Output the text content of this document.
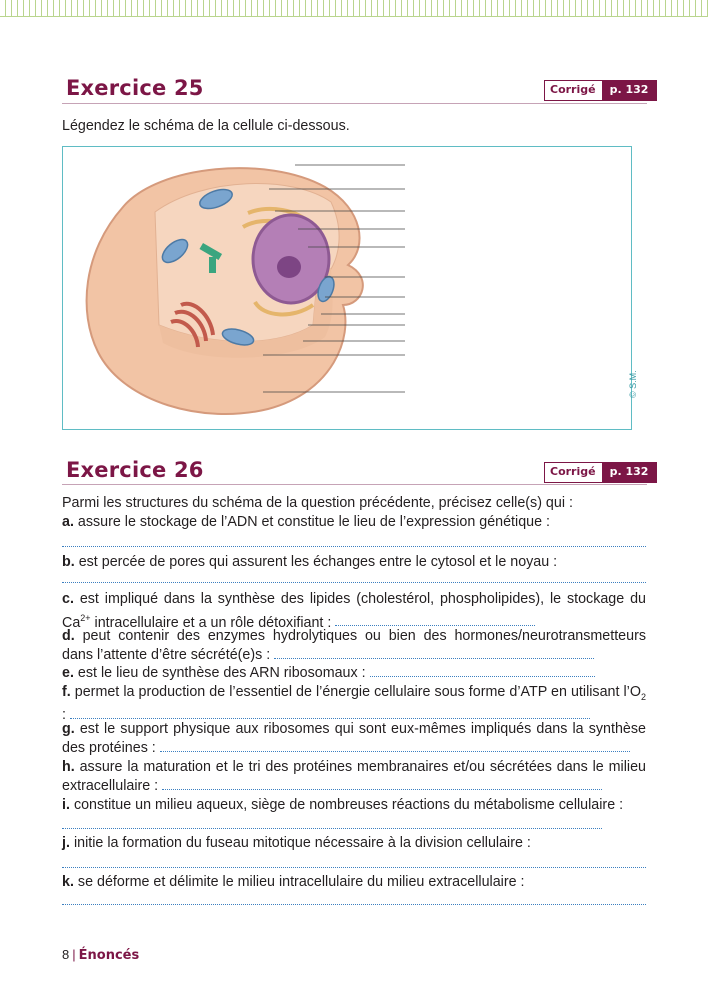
Exercice 25	Corrigé	p. 132
Légendez le schéma de la cellule ci-dessous.
© S.M.
Exercice 26	Corrigé	p. 132
Parmi les structures du schéma de la question précédente, précisez celle(s) qui :
a. assure le stockage de l’ADN et constitue le lieu de l’expression génétique :
b. est percée de pores qui assurent les échanges entre le cytosol et le noyau :
c. est impliqué dans la synthèse des lipides (cholestérol, phospholipides), le stockage du $Ca^{2+}$ intracellulaire et a un rôle détoxifiant :
d. peut contenir des enzymes hydrolytiques ou bien des hormones/neurotransmetteurs dans l’attente d’être sécrété(e)s :
e. est le lieu de synthèse des ARN ribosomaux :
f. permet la production de l’essentiel de l’énergie cellulaire sous forme d’ATP en utilisant $l’O_2$ :
g. est le support physique aux ribosomes qui sont eux-mêmes impliqués dans la synthèse des protéines :
h. assure la maturation et le tri des protéines membranaires et/ou sécrétées dans le milieu extracellulaire :
i. constitue un milieu aqueux, siège de nombreuses réactions du métabolisme cellulaire :
j. initie la formation du fuseau mitotique nécessaire à la division cellulaire :
k. se déforme et délimite le milieu intracellulaire du milieu extracellulaire :
8 | Énoncés
